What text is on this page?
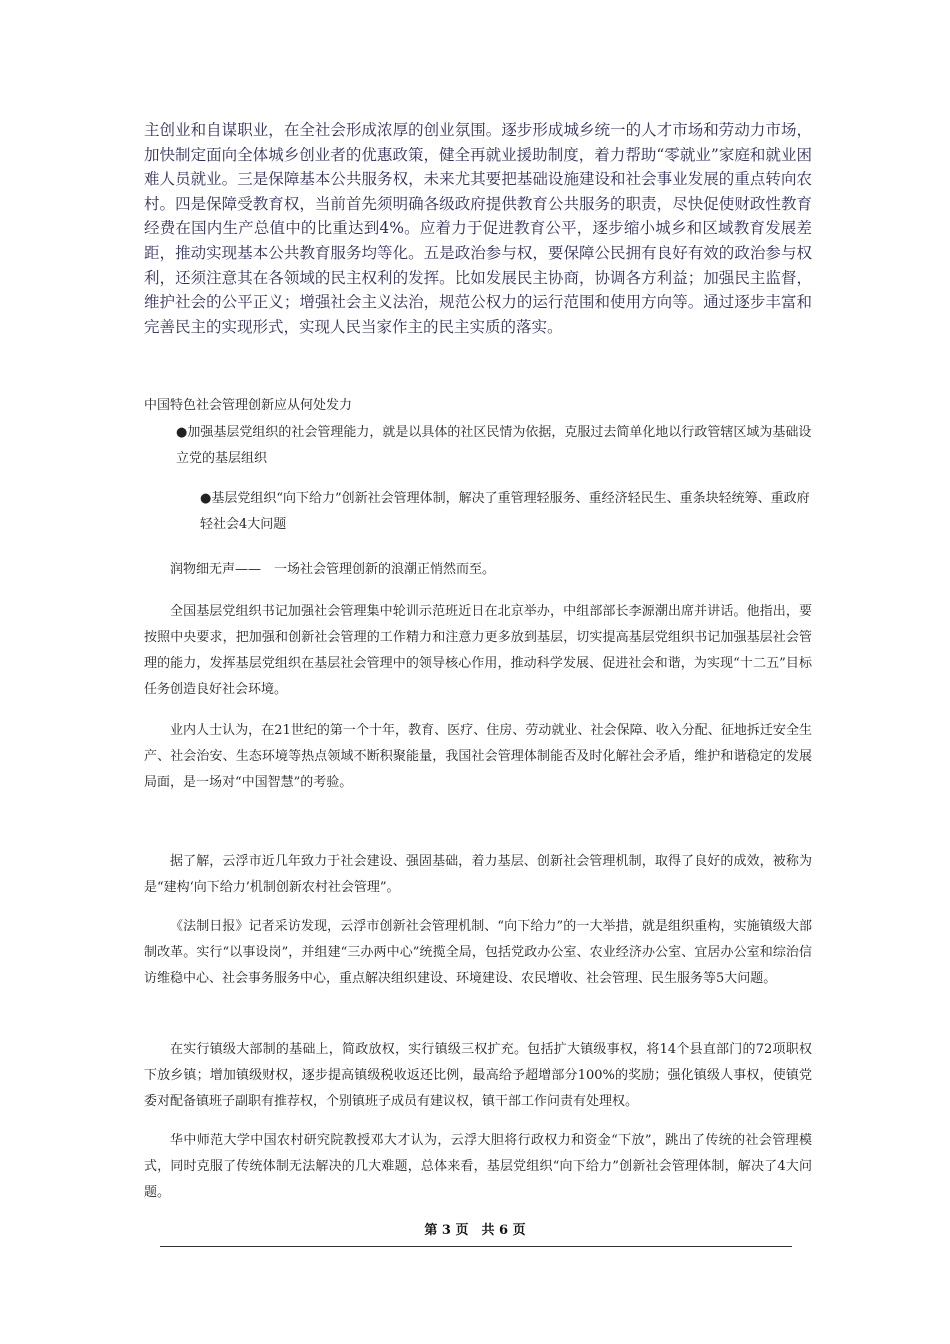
主创业和自谋职业，在全社会形成浓厚的创业氛围。逐步形成城乡统一的人才市场和劳动力市场，加快制定面向全体城乡创业者的优惠政策，健全再就业援助制度，着力帮助“零就业”家庭和就业困难人员就业。三是保障基本公共服务权，未来尤其要把基础设施建设和社会事业发展的重点转向农村。四是保障受教育权，当前首先须明确各级政府提供教育公共服务的职责，尽快促使财政性教育经费在国内生产总值中的比重达到4%。应着力于促进教育公平，逐步缩小城乡和区域教育发展差距，推动实现基本公共教育服务均等化。五是政治参与权，要保障公民拥有良好有效的政治参与权利，还须注意其在各领域的民主权利的发挥。比如发展民主协商，协调各方利益；加强民主监督，维护社会的公平正义；增强社会主义法治，规范公权力的运行范围和使用方向等。通过逐步丰富和完善民主的实现形式，实现人民当家作主的民主实质的落实。

中国特色社会管理创新应从何处发力

●加强基层党组织的社会管理能力，就是以具体的社区民情为依据，克服过去简单化地以行政管辖区域为基础设立党的基层组织

●基层党组织“向下给力”创新社会管理体制，解决了重管理轻服务、重经济轻民生、重条块轻统筹、重政府轻社会4大问题

润物细无声——　一场社会管理创新的浪潮正悄然而至。

全国基层党组织书记加强社会管理集中轮训示范班近日在北京举办，中组部部长李源潮出席并讲话。他指出，要按照中央要求，把加强和创新社会管理的工作精力和注意力更多放到基层，切实提高基层党组织书记加强基层社会管理的能力，发挥基层党组织在基层社会管理中的领导核心作用，推动科学发展、促进社会和谐，为实现“十二五”目标任务创造良好社会环境。

业内人士认为，在21世纪的第一个十年，教育、医疗、住房、劳动就业、社会保障、收入分配、征地拆迁安全生产、社会治安、生态环境等热点领域不断积聚能量，我国社会管理体制能否及时化解社会矛盾，维护和谐稳定的发展局面，是一场对“中国智慧”的考验。

据了解，云浮市近几年致力于社会建设、强固基础，着力基层、创新社会管理机制，取得了良好的成效，被称为是“建构‘向下给力’机制创新农村社会管理”。

《法制日报》记者采访发现，云浮市创新社会管理机制、“向下给力”的一大举措，就是组织重构，实施镇级大部制改革。实行“以事设岗”，并组建“三办两中心”统揽全局，包括党政办公室、农业经济办公室、宜居办公室和综治信访维稳中心、社会事务服务中心，重点解决组织建设、环境建设、农民增收、社会管理、民生服务等5大问题。

在实行镇级大部制的基础上，简政放权，实行镇级三权扩充。包括扩大镇级事权，将14个县直部门的72项职权下放乡镇；增加镇级财权，逐步提高镇级税收返还比例，最高给予超增部分100%的奖励；强化镇级人事权，使镇党委对配备镇班子副职有推荐权，个别镇班子成员有建议权，镇干部工作问责有处理权。

华中师范大学中国农村研究院教授邓大才认为，云浮大胆将行政权力和资金“下放”，跳出了传统的社会管理模式，同时克服了传统体制无法解决的几大难题，总体来看，基层党组织“向下给力”创新社会管理体制，解决了4大问题。

第 3 页　共 6 页
